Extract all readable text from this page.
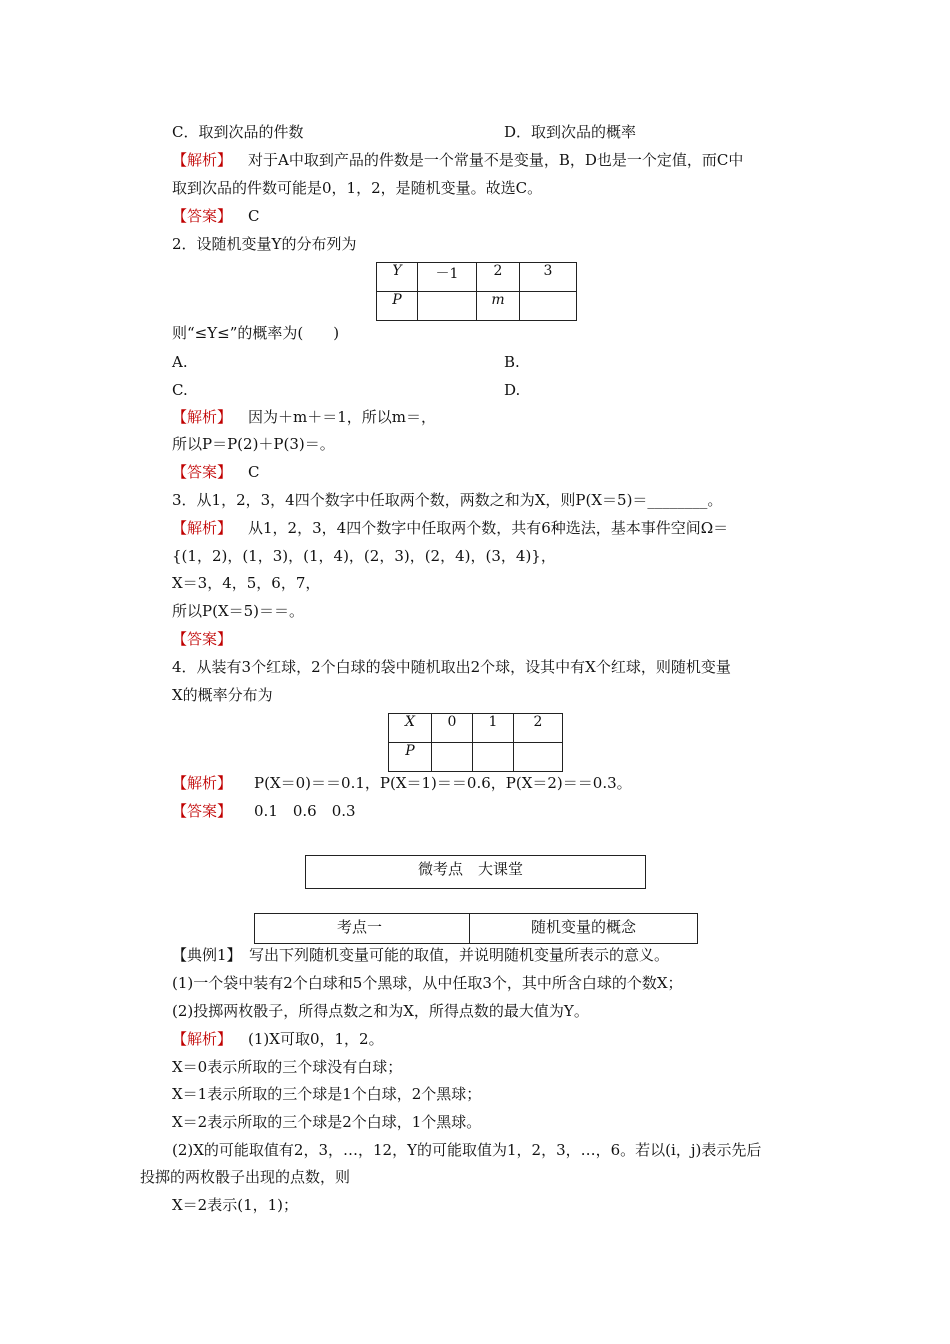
C．取到次品的件数	D．取到次品的概率
【解析】 对于A中取到产品的件数是一个常量不是变量，B，D也是一个定值，而C中
取到次品的件数可能是0，1，2，是随机变量。故选C。
【答案】 C
2．设随机变量Y的分布列为
Y	－1	2	3
P		m	
则“≤Y≤”的概率为(　　)
A.	B.
C.	D.
【解析】 因为＋m＋＝1，所以m＝，
所以P＝P(2)＋P(3)＝。
【答案】 C
3．从1，2，3，4四个数字中任取两个数，两数之和为X，则P(X＝5)＝________。
【解析】 从1，2，3，4四个数字中任取两个数，共有6种选法，基本事件空间Ω＝
{(1，2)，(1，3)，(1，4)，(2，3)，(2，4)，(3，4)}，
X＝3，4，5，6，7，
所以P(X＝5)＝＝。
【答案】
4．从装有3个红球，2个白球的袋中随机取出2个球，设其中有X个红球，则随机变量
X的概率分布为
X	0	1	2
P			
【解析】 P(X＝0)＝＝0.1，P(X＝1)＝＝0.6，P(X＝2)＝＝0.3。
【答案】 0.1　0.6　0.3
微考点　大课堂
考点一	随机变量的概念
【典例1】　写出下列随机变量可能的取值，并说明随机变量所表示的意义。
(1)一个袋中装有2个白球和5个黑球，从中任取3个，其中所含白球的个数X；
(2)投掷两枚骰子，所得点数之和为X，所得点数的最大值为Y。
【解析】 (1)X可取0，1，2。
X＝0表示所取的三个球没有白球；
X＝1表示所取的三个球是1个白球，2个黑球；
X＝2表示所取的三个球是2个白球，1个黑球。
(2)X的可能取值有2，3，…，12，Y的可能取值为1，2，3，…，6。若以(i，j)表示先后
投掷的两枚骰子出现的点数，则
X＝2表示(1，1)；
